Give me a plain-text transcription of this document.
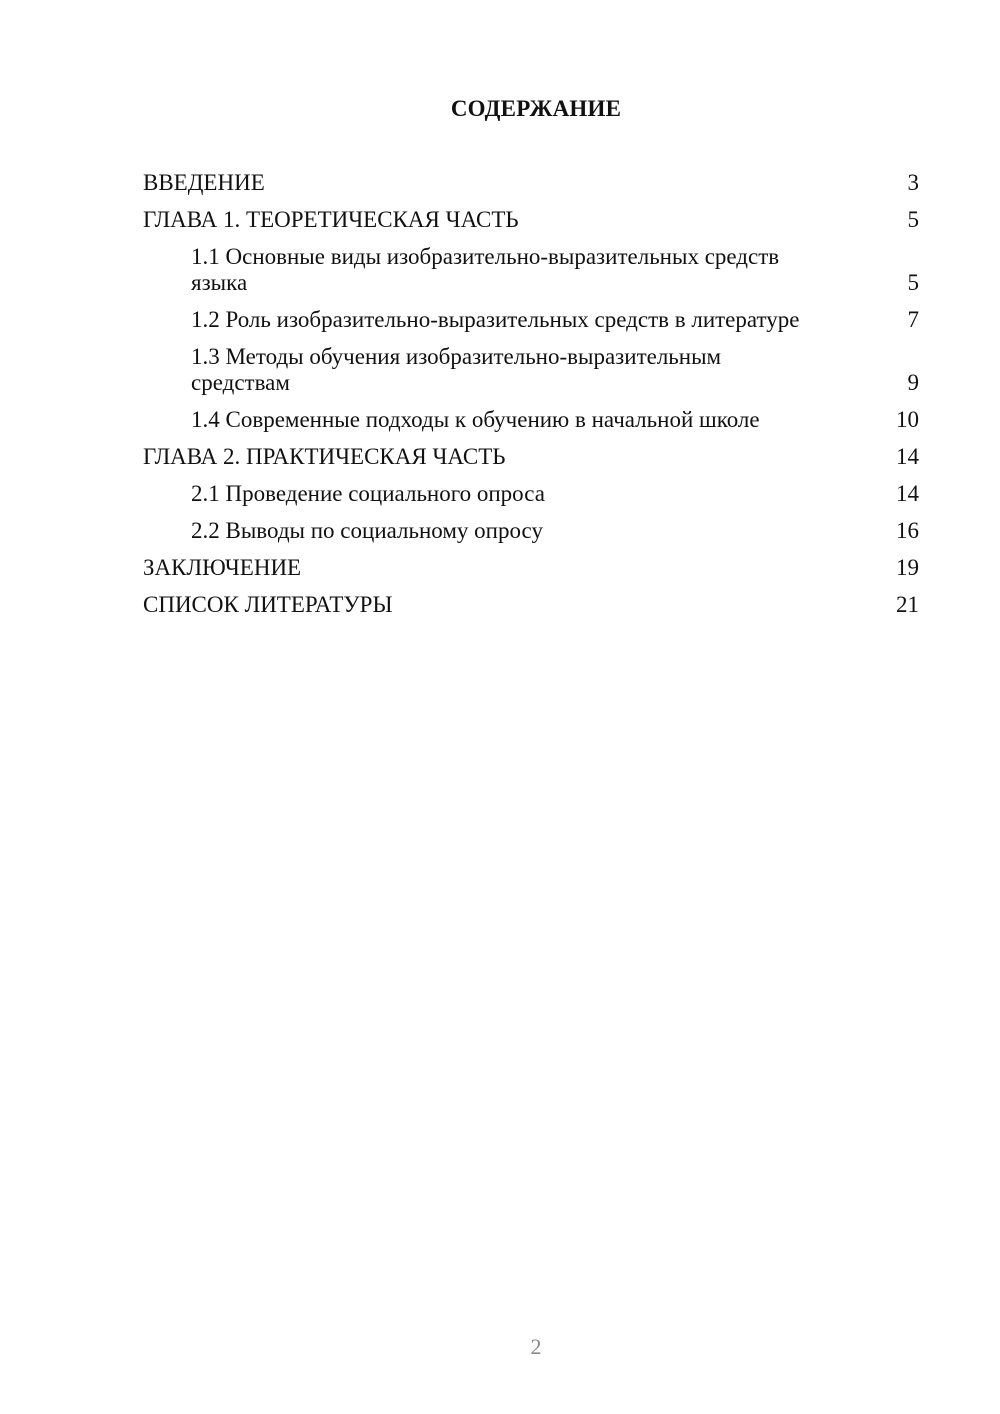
СОДЕРЖАНИЕ
ВВЕДЕНИЕ	3
ГЛАВА 1. ТЕОРЕТИЧЕСКАЯ ЧАСТЬ	5
1.1 Основные виды изобразительно-выразительных средств языка	5
1.2 Роль изобразительно-выразительных средств в литературе	7
1.3 Методы обучения изобразительно-выразительным средствам	9
1.4 Современные подходы к обучению в начальной школе	10
ГЛАВА 2. ПРАКТИЧЕСКАЯ ЧАСТЬ	14
2.1 Проведение социального опроса	14
2.2 Выводы по социальному опросу	16
ЗАКЛЮЧЕНИЕ	19
СПИСОК ЛИТЕРАТУРЫ	21
2
